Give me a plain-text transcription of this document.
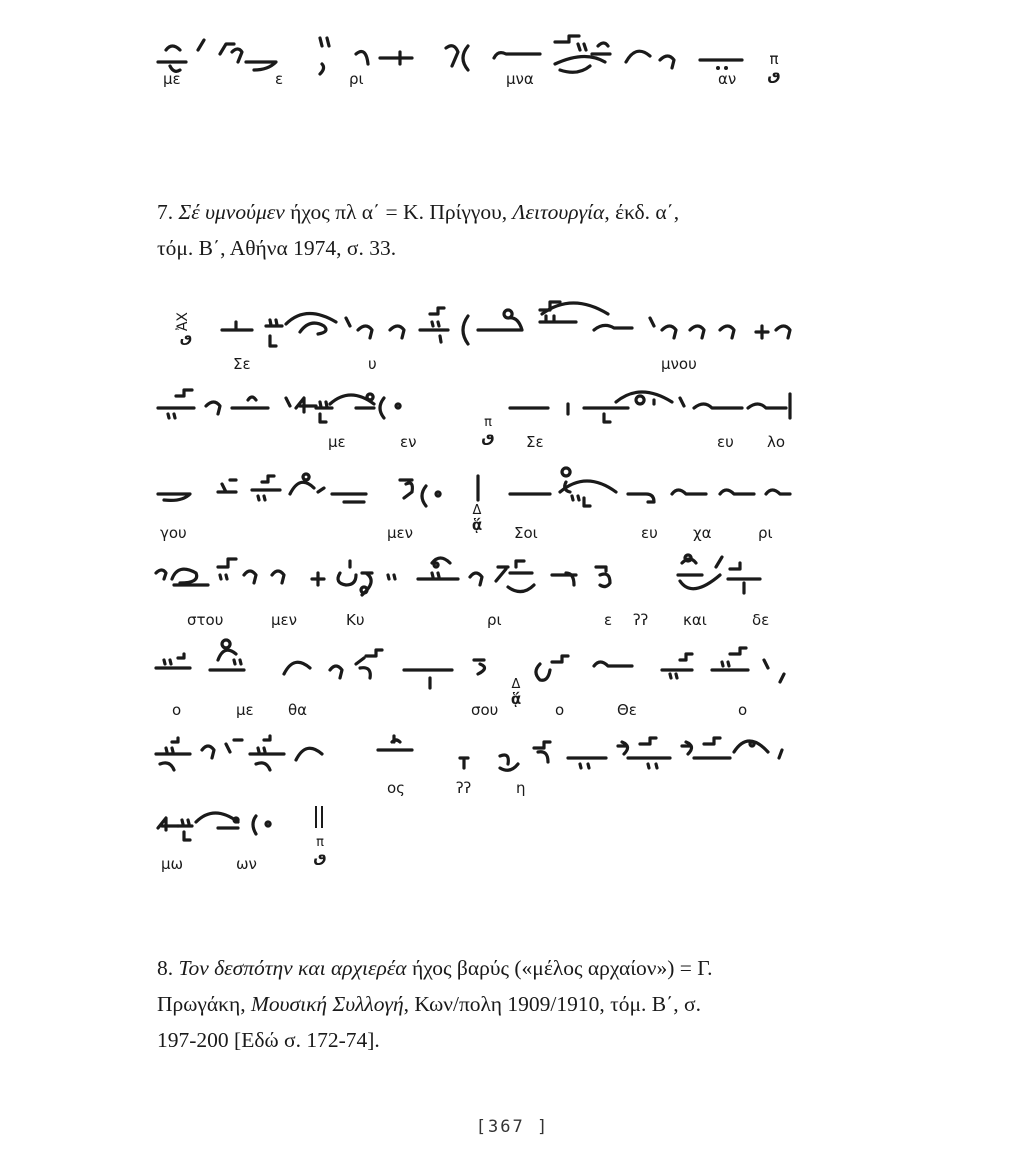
με	ε	ρι	μνα	αν
π
ٯ
7. Σέ υμνούμεν ήχος πλ α΄ = Κ. Πρίγγου, Λειτουργία, έκδ. α΄,
τόμ. Β΄, Αθήνα 1974, σ. 33.
ἈΧ
ٯ
Σε	υ	μνου
με	εν
π
ٯ Σε	ευ λο
γου	μεν
Δ
ᾅ	Σοι	ευ χα	ρι
στου	μεν	Κυ	ρι	ε ʔʔ και	δε
ο	με θα	σου
Δ
ᾅ
ο	Θε	ο
ος	ʔʔ	η
μω	ων
π
ٯ
8. Τον δεσπότην και αρχιερέα ήχος βαρύς («μέλος αρχαίον») = Γ.
Πρωγάκη, Μουσική Συλλογή, Κων/πολη 1909/1910, τόμ. Β΄, σ.
197-200 [Εδώ σ. 172-74].
[367 ]
